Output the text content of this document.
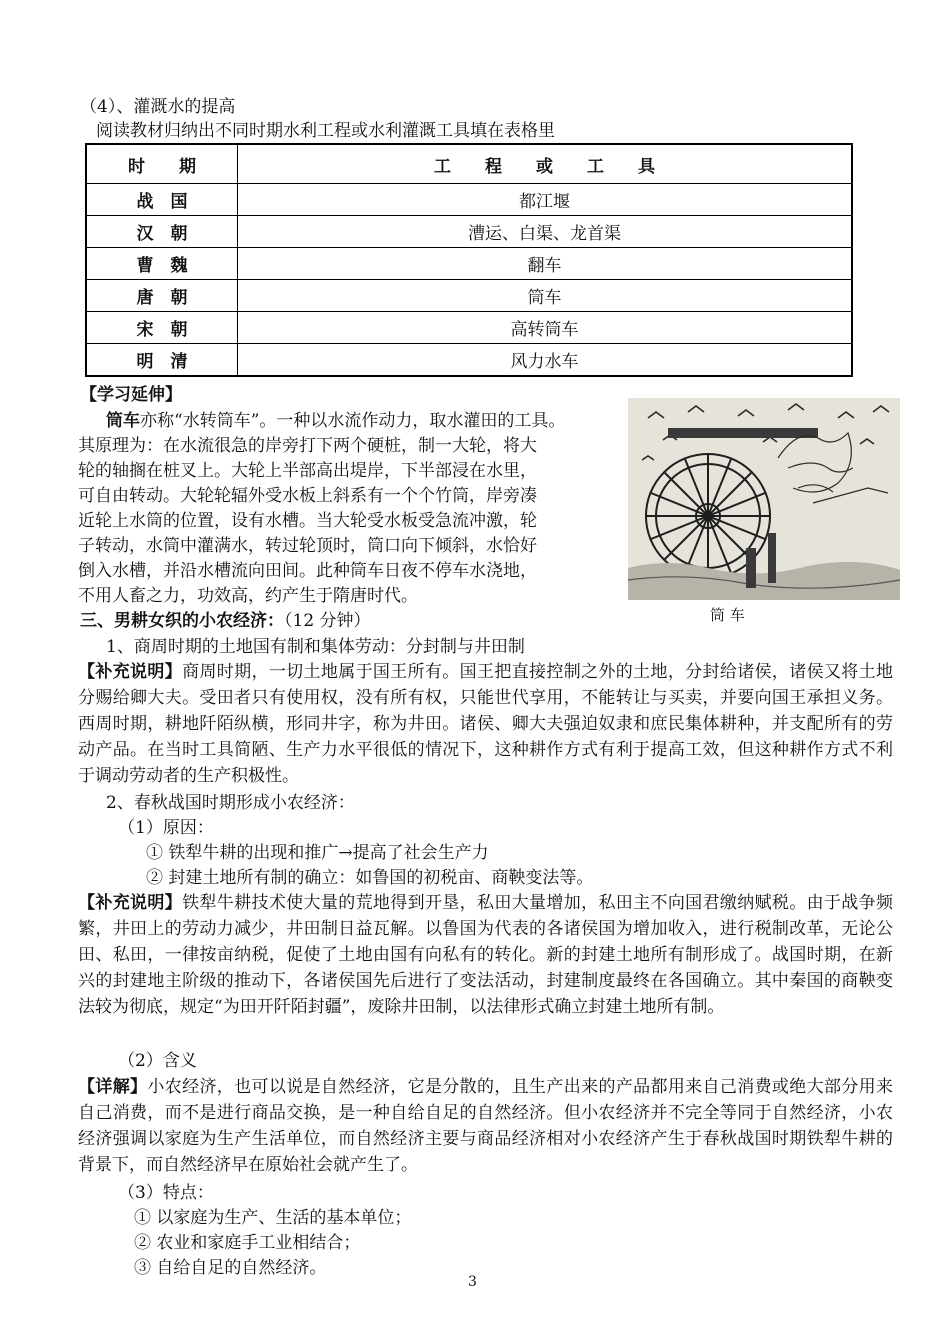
（4）、灌溉水的提高
阅读教材归纳出不同时期水利工程或水利灌溉工具填在表格里
时　　期	工　　程　　或　　工　　具
战　国	都江堰
汉　朝	漕运、白渠、龙首渠
曹　魏	翻车
唐　朝	筒车
宋　朝	高转筒车
明　清	风力水车
【学习延伸】
筒车亦称“水转筒车”。一种以水流作动力，取水灌田的工具。
其原理为：在水流很急的岸旁打下两个硬桩，制一大轮，将大
轮的轴搁在桩叉上。大轮上半部高出堤岸，下半部浸在水里，
可自由转动。大轮轮辐外受水板上斜系有一个个竹筒，岸旁凑
近轮上水筒的位置，设有水槽。当大轮受水板受急流冲激，轮
子转动，水筒中灌满水，转过轮顶时，筒口向下倾斜，水恰好
倒入水槽，并沿水槽流向田间。此种筒车日夜不停车水浇地，
不用人畜之力，功效高，约产生于隋唐时代。
筒 车
三、男耕女织的小农经济：（12 分钟）
1、商周时期的土地国有制和集体劳动：分封制与井田制
【补充说明】商周时期，一切土地属于国王所有。国王把直接控制之外的土地，分封给诸侯，诸侯又将土地分赐给卿大夫。受田者只有使用权，没有所有权，只能世代享用，不能转让与买卖，并要向国王承担义务。西周时期，耕地阡陌纵横，形同井字，称为井田。诸侯、卿大夫强迫奴隶和庶民集体耕种，并支配所有的劳动产品。在当时工具简陋、生产力水平很低的情况下，这种耕作方式有利于提高工效，但这种耕作方式不利于调动劳动者的生产积极性。
2、春秋战国时期形成小农经济：
（1）原因：
① 铁犁牛耕的出现和推广→提高了社会生产力
② 封建土地所有制的确立：如鲁国的初税亩、商鞅变法等。
【补充说明】铁犁牛耕技术使大量的荒地得到开垦，私田大量增加，私田主不向国君缴纳赋税。由于战争频繁，井田上的劳动力减少，井田制日益瓦解。以鲁国为代表的各诸侯国为增加收入，进行税制改革，无论公田、私田，一律按亩纳税，促使了土地由国有向私有的转化。新的封建土地所有制形成了。战国时期，在新兴的封建地主阶级的推动下，各诸侯国先后进行了变法活动，封建制度最终在各国确立。其中秦国的商鞅变法较为彻底，规定“为田开阡陌封疆”，废除井田制，以法律形式确立封建土地所有制。
（2）含义
【详解】小农经济，也可以说是自然经济，它是分散的，且生产出来的产品都用来自己消费或绝大部分用来自己消费，而不是进行商品交换，是一种自给自足的自然经济。但小农经济并不完全等同于自然经济，小农经济强调以家庭为生产生活单位，而自然经济主要与商品经济相对小农经济产生于春秋战国时期铁犁牛耕的背景下，而自然经济早在原始社会就产生了。
（3）特点：
① 以家庭为生产、生活的基本单位；
② 农业和家庭手工业相结合；
③ 自给自足的自然经济。
3
